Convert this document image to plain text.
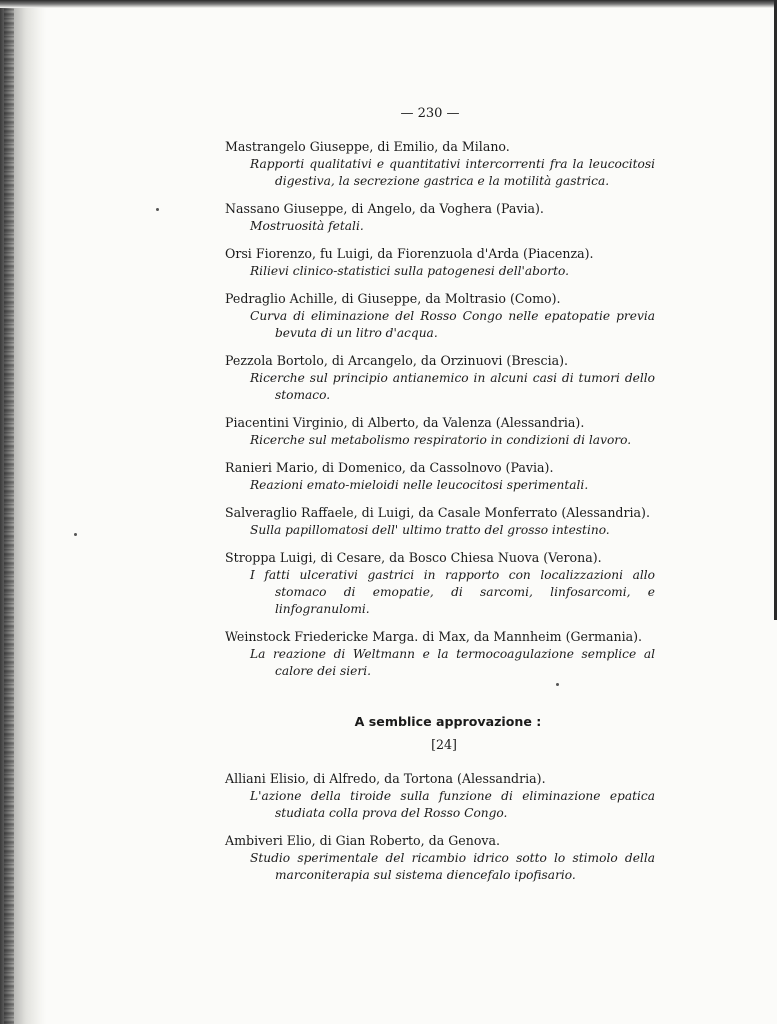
— 230 —
Mastrangelo Giuseppe, di Emilio, da Milano.
Rapporti qualitativi e quantitativi intercorrenti fra la leucocitosi digestiva, la secrezione gastrica e la motilità gastrica.
Nassano Giuseppe, di Angelo, da Voghera (Pavia).
Mostruosità fetali.
Orsi Fiorenzo, fu Luigi, da Fiorenzuola d'Arda (Piacenza).
Rilievi clinico-statistici sulla patogenesi dell'aborto.
Pedraglio Achille, di Giuseppe, da Moltrasio (Como).
Curva di eliminazione del Rosso Congo nelle epatopatie previa bevuta di un litro d'acqua.
Pezzola Bortolo, di Arcangelo, da Orzinuovi (Brescia).
Ricerche sul principio antianemico in alcuni casi di tumori dello stomaco.
Piacentini Virginio, di Alberto, da Valenza (Alessandria).
Ricerche sul metabolismo respiratorio in condizioni di lavoro.
Ranieri Mario, di Domenico, da Cassolnovo (Pavia).
Reazioni emato-mieloidi nelle leucocitosi sperimentali.
Salveraglio Raffaele, di Luigi, da Casale Monferrato (Alessandria).
Sulla papillomatosi dell' ultimo tratto del grosso intestino.
Stroppa Luigi, di Cesare, da Bosco Chiesa Nuova (Verona).
I fatti ulcerativi gastrici in rapporto con localizzazioni allo stomaco di emopatie, di sarcomi, linfosarcomi, e linfogranulomi.
Weinstock Friedericke Marga. di Max, da Mannheim (Germania).
La reazione di Weltmann e la termocoagulazione semplice al calore dei sieri.
A semblice approvazione :
[24]
Alliani Elisio, di Alfredo, da Tortona (Alessandria).
L'azione della tiroide sulla funzione di eliminazione epatica studiata colla prova del Rosso Congo.
Ambiveri Elio, di Gian Roberto, da Genova.
Studio sperimentale del ricambio idrico sotto lo stimolo della marconiterapia sul sistema diencefalo ipofisario.
